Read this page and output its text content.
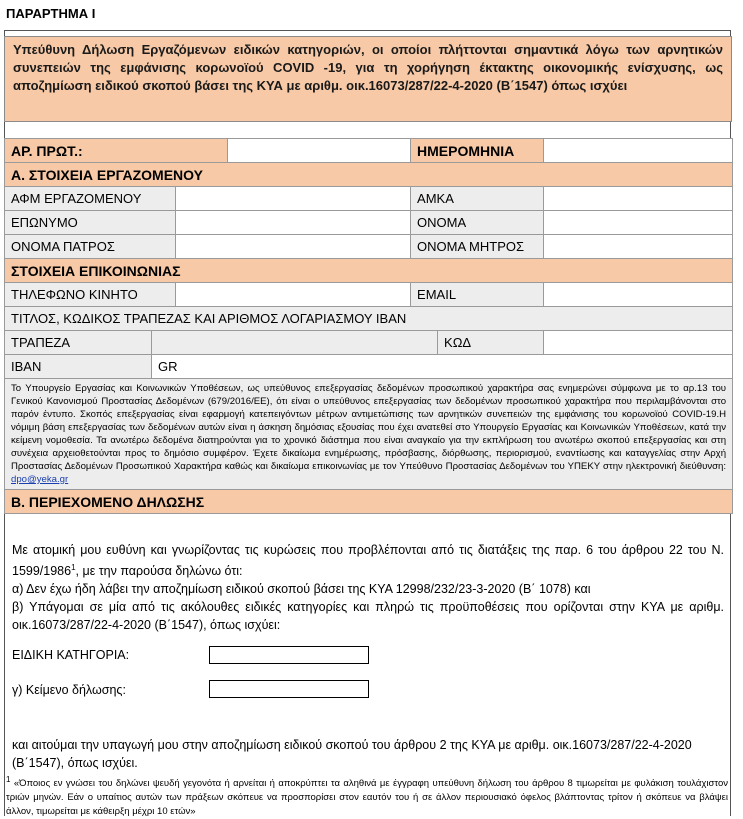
ΠΑΡΑΡΤΗΜΑ Ι
Υπεύθυνη Δήλωση Εργαζόμενων ειδικών κατηγοριών, οι οποίοι πλήττονται σημαντικά λόγω των αρνητικών συνεπειών της εμφάνισης κορωνοϊού COVID -19, για τη χορήγηση έκτακτης οικονομικής ενίσχυσης, ως αποζημίωση ειδικού σκοπού βάσει της ΚΥΑ με αριθμ. οικ.16073/287/22-4-2020 (Β΄1547) όπως ισχύει
ΑΡ. ΠΡΩΤ.:				ΗΜΕΡΟΜΗΝΙΑ		
Α. ΣΤΟΙΧΕΙΑ ΕΡΓΑΖΟΜΕΝΟΥ						
ΑΦΜ ΕΡΓΑΖΟΜΕΝΟΥ				ΑΜΚΑ		
ΕΠΩΝΥΜΟ				ΟΝΟΜΑ		
ΟΝΟΜΑ ΠΑΤΡΟΣ				ΟΝΟΜΑ ΜΗΤΡΟΣ		
ΣΤΟΙΧΕΙΑ ΕΠΙΚΟΙΝΩΝΙΑΣ						
ΤΗΛΕΦΩΝΟ ΚΙΝΗΤΟ				EMAIL		
ΤΙΤΛΟΣ, ΚΩΔΙΚΟΣ ΤΡΑΠΕΖΑΣ ΚΑΙ ΑΡΙΘΜΟΣ ΛΟΓΑΡΙΑΣΜΟΥ IBAN						
ΤΡΑΠΕΖΑ					ΚΩΔ	
IBAN	GR					
Το Υπουργείο Εργασίας και Κοινωνικών Υποθέσεων, ως υπεύθυνος επεξεργασίας δεδομένων προσωπικού χαρακτήρα σας ενημερώνει σύμφωνα με το αρ.13 του Γενικού Κανονισμού Προστασίας Δεδομένων (679/2016/ΕΕ), ότι είναι ο υπεύθυνος επεξεργασίας των δεδομένων προσωπικού χαρακτήρα που περιλαμβάνονται στο παρόν έντυπο. Σκοπός επεξεργασίας είναι εφαρμογή κατεπειγόντων μέτρων αντιμετώπισης των αρνητικών συνεπειών της εμφάνισης του κορωνοϊού COVID-19.Η νόμιμη βάση επεξεργασίας των δεδομένων αυτών είναι η άσκηση δημόσιας εξουσίας που έχει ανατεθεί στο Υπουργείο Εργασίας και Κοινωνικών Υποθέσεων, κατά την κείμενη νομοθεσία. Τα ανωτέρω δεδομένα διατηρούνται για το χρονικό διάστημα που είναι αναγκαίο για την εκπλήρωση του ανωτέρω σκοπού επεξεργασίας και στη συνέχεια αρχειοθετούνται προς το δημόσιο συμφέρον. Έχετε δικαίωμα ενημέρωσης, πρόσβασης, διόρθωσης, περιορισμού, εναντίωσης και καταγγελίας στην Αρχή Προστασίας Δεδομένων Προσωπικού Χαρακτήρα καθώς και δικαίωμα επικοινωνίας με τον Υπεύθυνο Προστασίας Δεδομένων του ΥΠΕΚΥ στην ηλεκτρονική διεύθυνση: dpo@yeka.gr						
Β. ΠΕΡΙΕΧΟΜΕΝΟ ΔΗΛΩΣΗΣ						

Με ατομική μου ευθύνη και γνωρίζοντας τις κυρώσεις που προβλέπονται από τις διατάξεις της παρ. 6 του άρθρου 22 του Ν. 1599/1986$^1$, με την παρούσα δηλώνω ότι:

α) Δεν έχω ήδη λάβει την αποζημίωση ειδικού σκοπού βάσει της ΚΥΑ 12998/232/23-3-2020 (Β΄ 1078) και

β) Υπάγομαι σε μία από τις ακόλουθες ειδικές κατηγορίες και πληρώ τις προϋποθέσεις που ορίζονται στην ΚΥΑ με αριθμ. οικ.16073/287/22-4-2020 (Β΄1547), όπως ισχύει:

ΕΙΔΙΚΗ ΚΑΤΗΓΟΡΙΑ:
γ) Κείμενο δήλωσης:
και αιτούμαι την υπαγωγή μου στην αποζημίωση ειδικού σκοπού του άρθρου 2 της ΚΥΑ με αριθμ. οικ.16073/287/22-4-2020 (Β΄1547), όπως ισχύει.
$^1$ «Όποιος εν γνώσει του δηλώνει ψευδή γεγονότα ή αρνείται ή αποκρύπτει τα αληθινά με έγγραφη υπεύθυνη δήλωση του άρθρου 8 τιμωρείται με φυλάκιση τουλάχιστον τριών μηνών. Εάν ο υπαίτιος αυτών των πράξεων σκόπευε να προσπορίσει στον εαυτόν του ή σε άλλον περιουσιακό όφελος βλάπτοντας τρίτον ή σκόπευε να βλάψει άλλον, τιμωρείται με κάθειρξη μέχρι 10 ετών»
